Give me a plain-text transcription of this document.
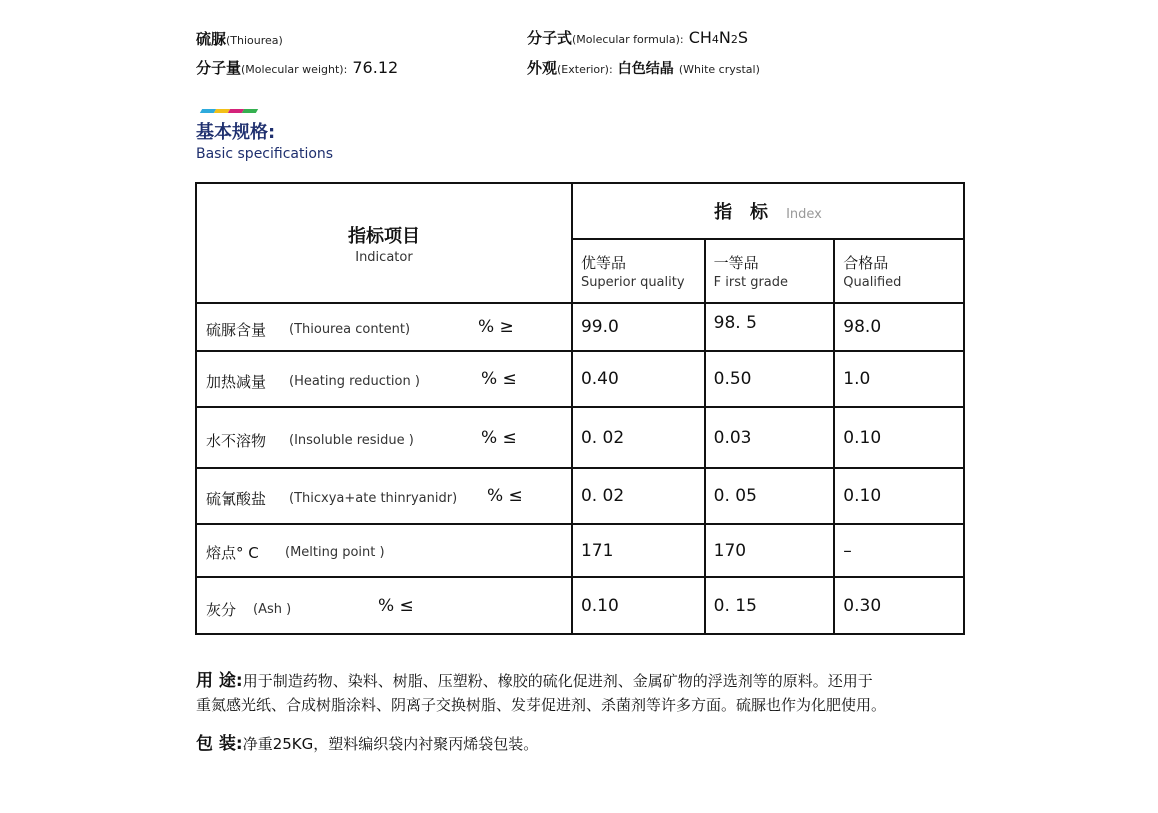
硫脲(Thiourea)	分子式(Molecular formula): CH4N2S
分子量(Molecular weight): 76.12	外观(Exterior): 白色结晶 (White crystal)
基本规格:
Basic specifications
指标项目
Indicator	指标Index		

	优等品
Superior quality	一等品
F irst grade	合格品
Qualified

硫脲含量 (Thiourea content) % ≥	99.0	98. 5	98.0

加热减量 (Heating reduction ) % ≤	0.40	0.50	1.0

水不溶物 (Insoluble residue ) % ≤	0. 02	0.03	0.10

硫氰酸盐 (Thicxya+ate thinryanidr) % ≤	0. 02	0. 05	0.10

熔点° C (Melting point )	171	170	–

灰分 (Ash ) % ≤	0.10	0. 15	0.30
用 途:用于制造药物、染料、树脂、压塑粉、橡胶的硫化促进剂、金属矿物的浮选剂等的原料。还用于
重氮感光纸、合成树脂涂料、阴离子交换树脂、发芽促进剂、杀菌剂等许多方面。硫脲也作为化肥使用。
包 装:净重25KG，塑料编织袋内衬聚丙烯袋包装。
